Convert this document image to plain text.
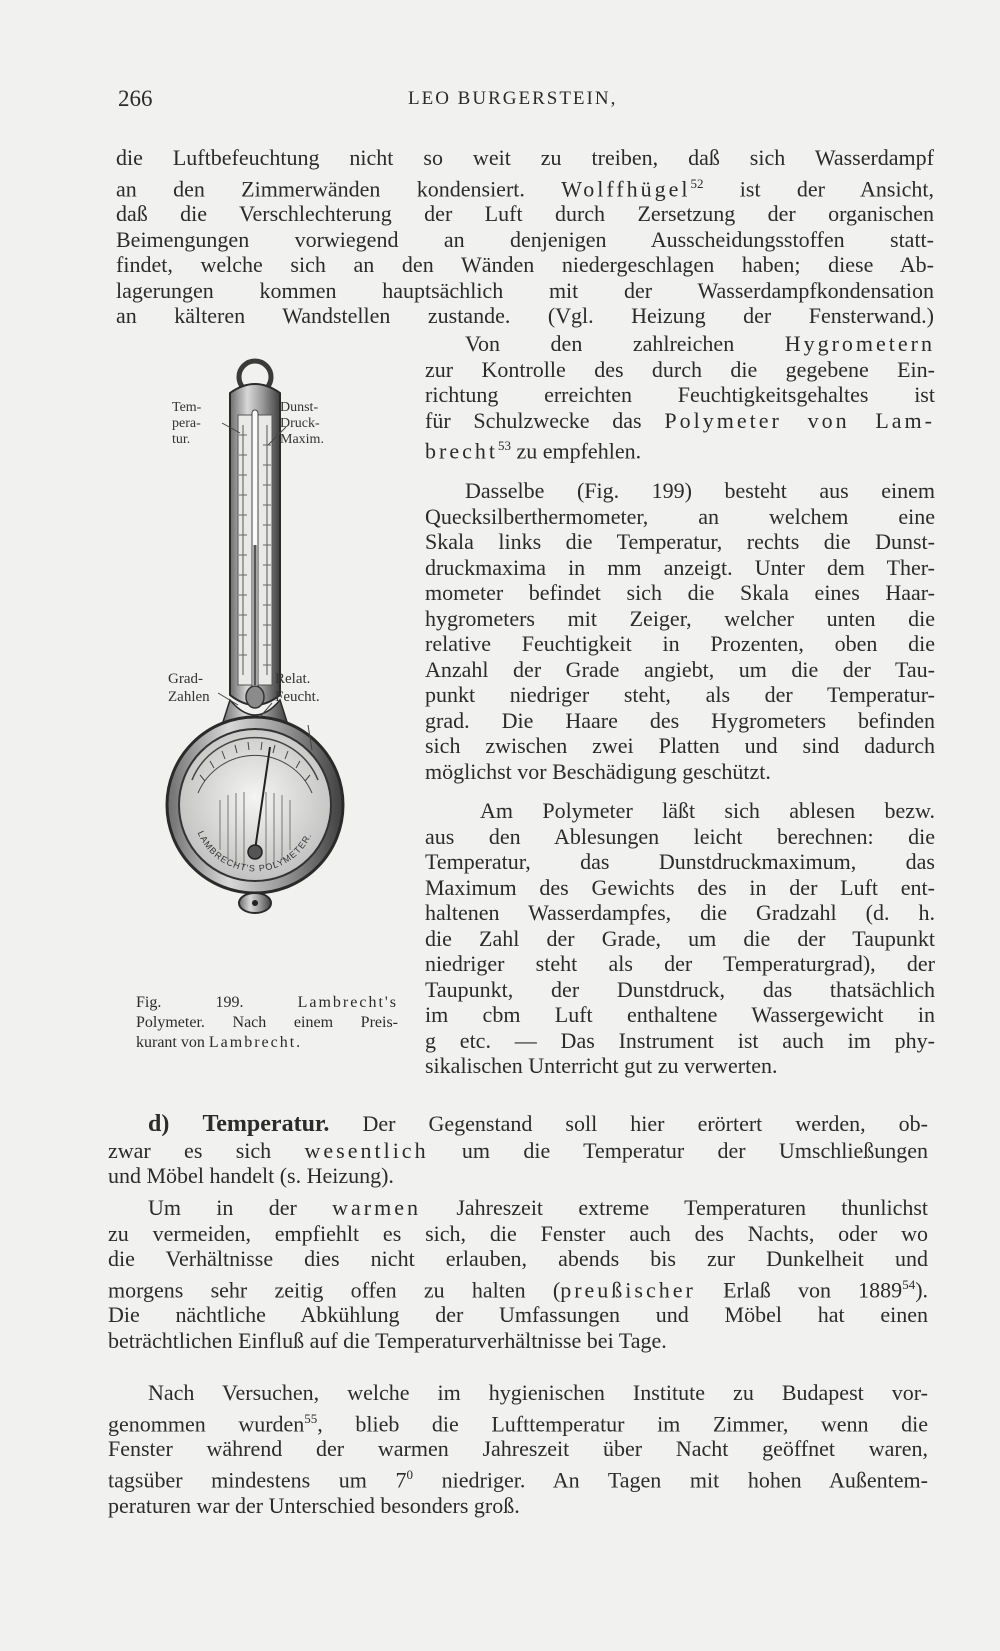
266	LEO BURGERSTEIN,
die Luftbefeuchtung nicht so weit zu treiben, daß sich Wasserdampf
an den Zimmerwänden kondensiert. Wolffhügel$^{52}$ ist der Ansicht,
daß die Verschlechterung der Luft durch Zersetzung der organischen
Beimengungen vorwiegend an denjenigen Ausscheidungsstoffen statt-
findet, welche sich an den Wänden niedergeschlagen haben; diese Ab-
lagerungen kommen hauptsächlich mit der Wasserdampfkondensation
an kälteren Wandstellen zustande. (Vgl. Heizung der Fensterwand.)
Von den zahlreichen Hygrometern
zur Kontrolle des durch die gegebene Ein-
richtung erreichten Feuchtigkeitsgehaltes ist
für Schulzwecke das Polymeter von Lam-
brecht$^{53}$ zu empfehlen.
Dasselbe (Fig. 199) besteht aus einem
Quecksilberthermometer, an welchem eine
Skala links die Temperatur, rechts die Dunst-
druckmaxima in mm anzeigt. Unter dem Ther-
mometer befindet sich die Skala eines Haar-
hygrometers mit Zeiger, welcher unten die
relative Feuchtigkeit in Prozenten, oben die
Anzahl der Grade angiebt, um die der Tau-
punkt niedriger steht, als der Temperatur-
grad. Die Haare des Hygrometers befinden
sich zwischen zwei Platten und sind dadurch
möglichst vor Beschädigung geschützt.
Am Polymeter läßt sich ablesen bezw.
aus den Ablesungen leicht berechnen: die
Temperatur, das Dunstdruckmaximum, das
Maximum des Gewichts des in der Luft ent-
haltenen Wasserdampfes, die Gradzahl (d. h.
die Zahl der Grade, um die der Taupunkt
niedriger steht als der Temperaturgrad), der
Taupunkt, der Dunstdruck, das thatsächlich
im cbm Luft enthaltene Wassergewicht in
g etc. — Das Instrument ist auch im phy-
sikalischen Unterricht gut zu verwerten.
LAMBRECHT'S POLYMETER.
Tem-
pera-
tur.
Dunst-
Druck-
Maxim.
Grad-
Zahlen
Relat.
Feucht.
Fig. 199.	Lambrecht's
Polymeter. Nach einem Preis-
kurant von Lambrecht.
d) Temperatur. Der Gegenstand soll hier erörtert werden, ob-
zwar es sich wesentlich um die Temperatur der Umschließungen
und Möbel handelt (s. Heizung).
Um in der warmen Jahreszeit extreme Temperaturen thunlichst
zu vermeiden, empfiehlt es sich, die Fenster auch des Nachts, oder wo
die Verhältnisse dies nicht erlauben, abends bis zur Dunkelheit und
morgens sehr zeitig offen zu halten (preußischer Erlaß von 1889$^{54}$).
Die nächtliche Abkühlung der Umfassungen und Möbel hat einen
beträchtlichen Einfluß auf die Temperaturverhältnisse bei Tage.
Nach Versuchen, welche im hygienischen Institute zu Budapest vor-
genommen wurden$^{55}$, blieb die Lufttemperatur im Zimmer, wenn die
Fenster während der warmen Jahreszeit über Nacht geöffnet waren,
tagsüber mindestens um $7^0$ niedriger. An Tagen mit hohen Außentem-
peraturen war der Unterschied besonders groß.
